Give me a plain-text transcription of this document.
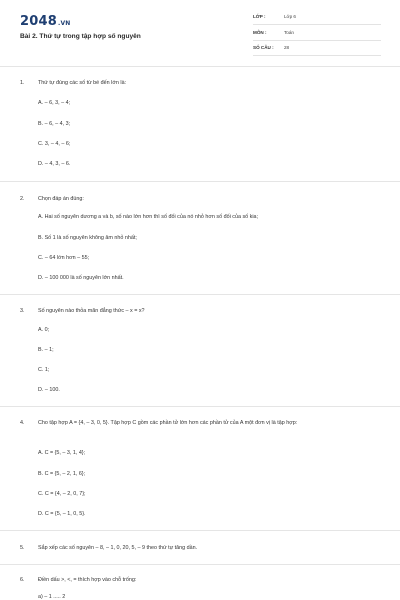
2048.VN
Bài 2. Thứ tự trong tập hợp số nguyên
LỚP :	Lớp 6
MÔN :	Toán
SỐ CÂU : 28
1.	Thứ tự đúng các số từ bé đến lớn là:
A. – 6, 3, – 4;
B. – 6, – 4, 3;
C. 3, – 4, – 6;
D. – 4, 3, – 6.
2.	Chọn đáp án đúng:
A. Hai số nguyên dương a và b, số nào lớn hơn thì số đối của nó nhỏ hơn số đối của số kia;
B. Số 1 là số nguyên không âm nhỏ nhất;
C. – 64 lớn hơn – 55;
D. – 100 000 là số nguyên lớn nhất.
3.	Số nguyên nào thỏa mãn đẳng thức – x = x?
A. 0;
B. – 1;
C. 1;
D. – 100.
4.	Cho tập hợp A = {4, – 3, 0, 5}. Tập hợp C gồm các phần tử lớn hơn các phần tử của A một đơn vị là tập hợp:
A. C = {5, – 3, 1, 4};
B. C = {5, – 2, 1, 6};
C. C = {4, – 2, 0, 7};
D. C = {5, – 1, 0, 5}.
5.	Sắp xếp các số nguyên – 8, – 1, 0, 20, 5, – 9 theo thứ tự tăng dần.
6.	Điền dấu >, <, = thích hợp vào chỗ trống:
a) – 1 ..... 2
